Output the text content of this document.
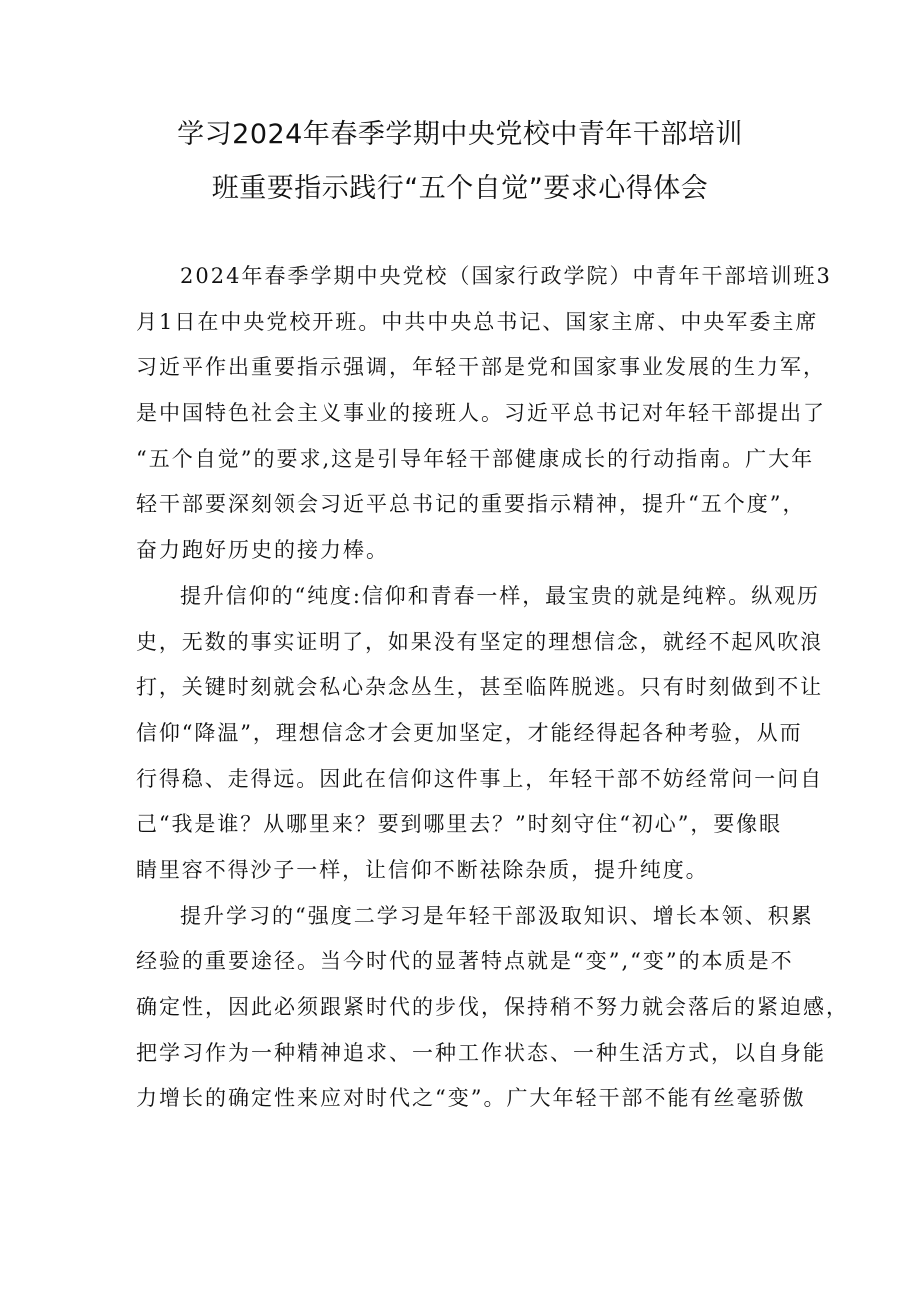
学习2024年春季学期中央党校中青年干部培训
班重要指示践行“五个自觉”要求心得体会
2024年春季学期中央党校（国家行政学院）中青年干部培训班3
月1日在中央党校开班。中共中央总书记、国家主席、中央军委主席
习近平作出重要指示强调，年轻干部是党和国家事业发展的生力军，
是中国特色社会主义事业的接班人。习近平总书记对年轻干部提出了
“五个自觉”的要求,这是引导年轻干部健康成长的行动指南。广大年
轻干部要深刻领会习近平总书记的重要指示精神，提升“五个度”，
奋力跑好历史的接力棒。
提升信仰的“纯度:信仰和青春一样，最宝贵的就是纯粹。纵观历
史，无数的事实证明了，如果没有坚定的理想信念，就经不起风吹浪
打，关键时刻就会私心杂念丛生，甚至临阵脱逃。只有时刻做到不让
信仰“降温”，理想信念才会更加坚定，才能经得起各种考验，从而
行得稳、走得远。因此在信仰这件事上，年轻干部不妨经常问一问自
己“我是谁？从哪里来？要到哪里去？”时刻守住“初心”，要像眼
睛里容不得沙子一样，让信仰不断祛除杂质，提升纯度。
提升学习的“强度二学习是年轻干部汲取知识、增长本领、积累
经验的重要途径。当今时代的显著特点就是“变”,“变”的本质是不
确定性，因此必须跟紧时代的步伐，保持稍不努力就会落后的紧迫感，
把学习作为一种精神追求、一种工作状态、一种生活方式，以自身能
力增长的确定性来应对时代之“变”。广大年轻干部不能有丝毫骄傲
